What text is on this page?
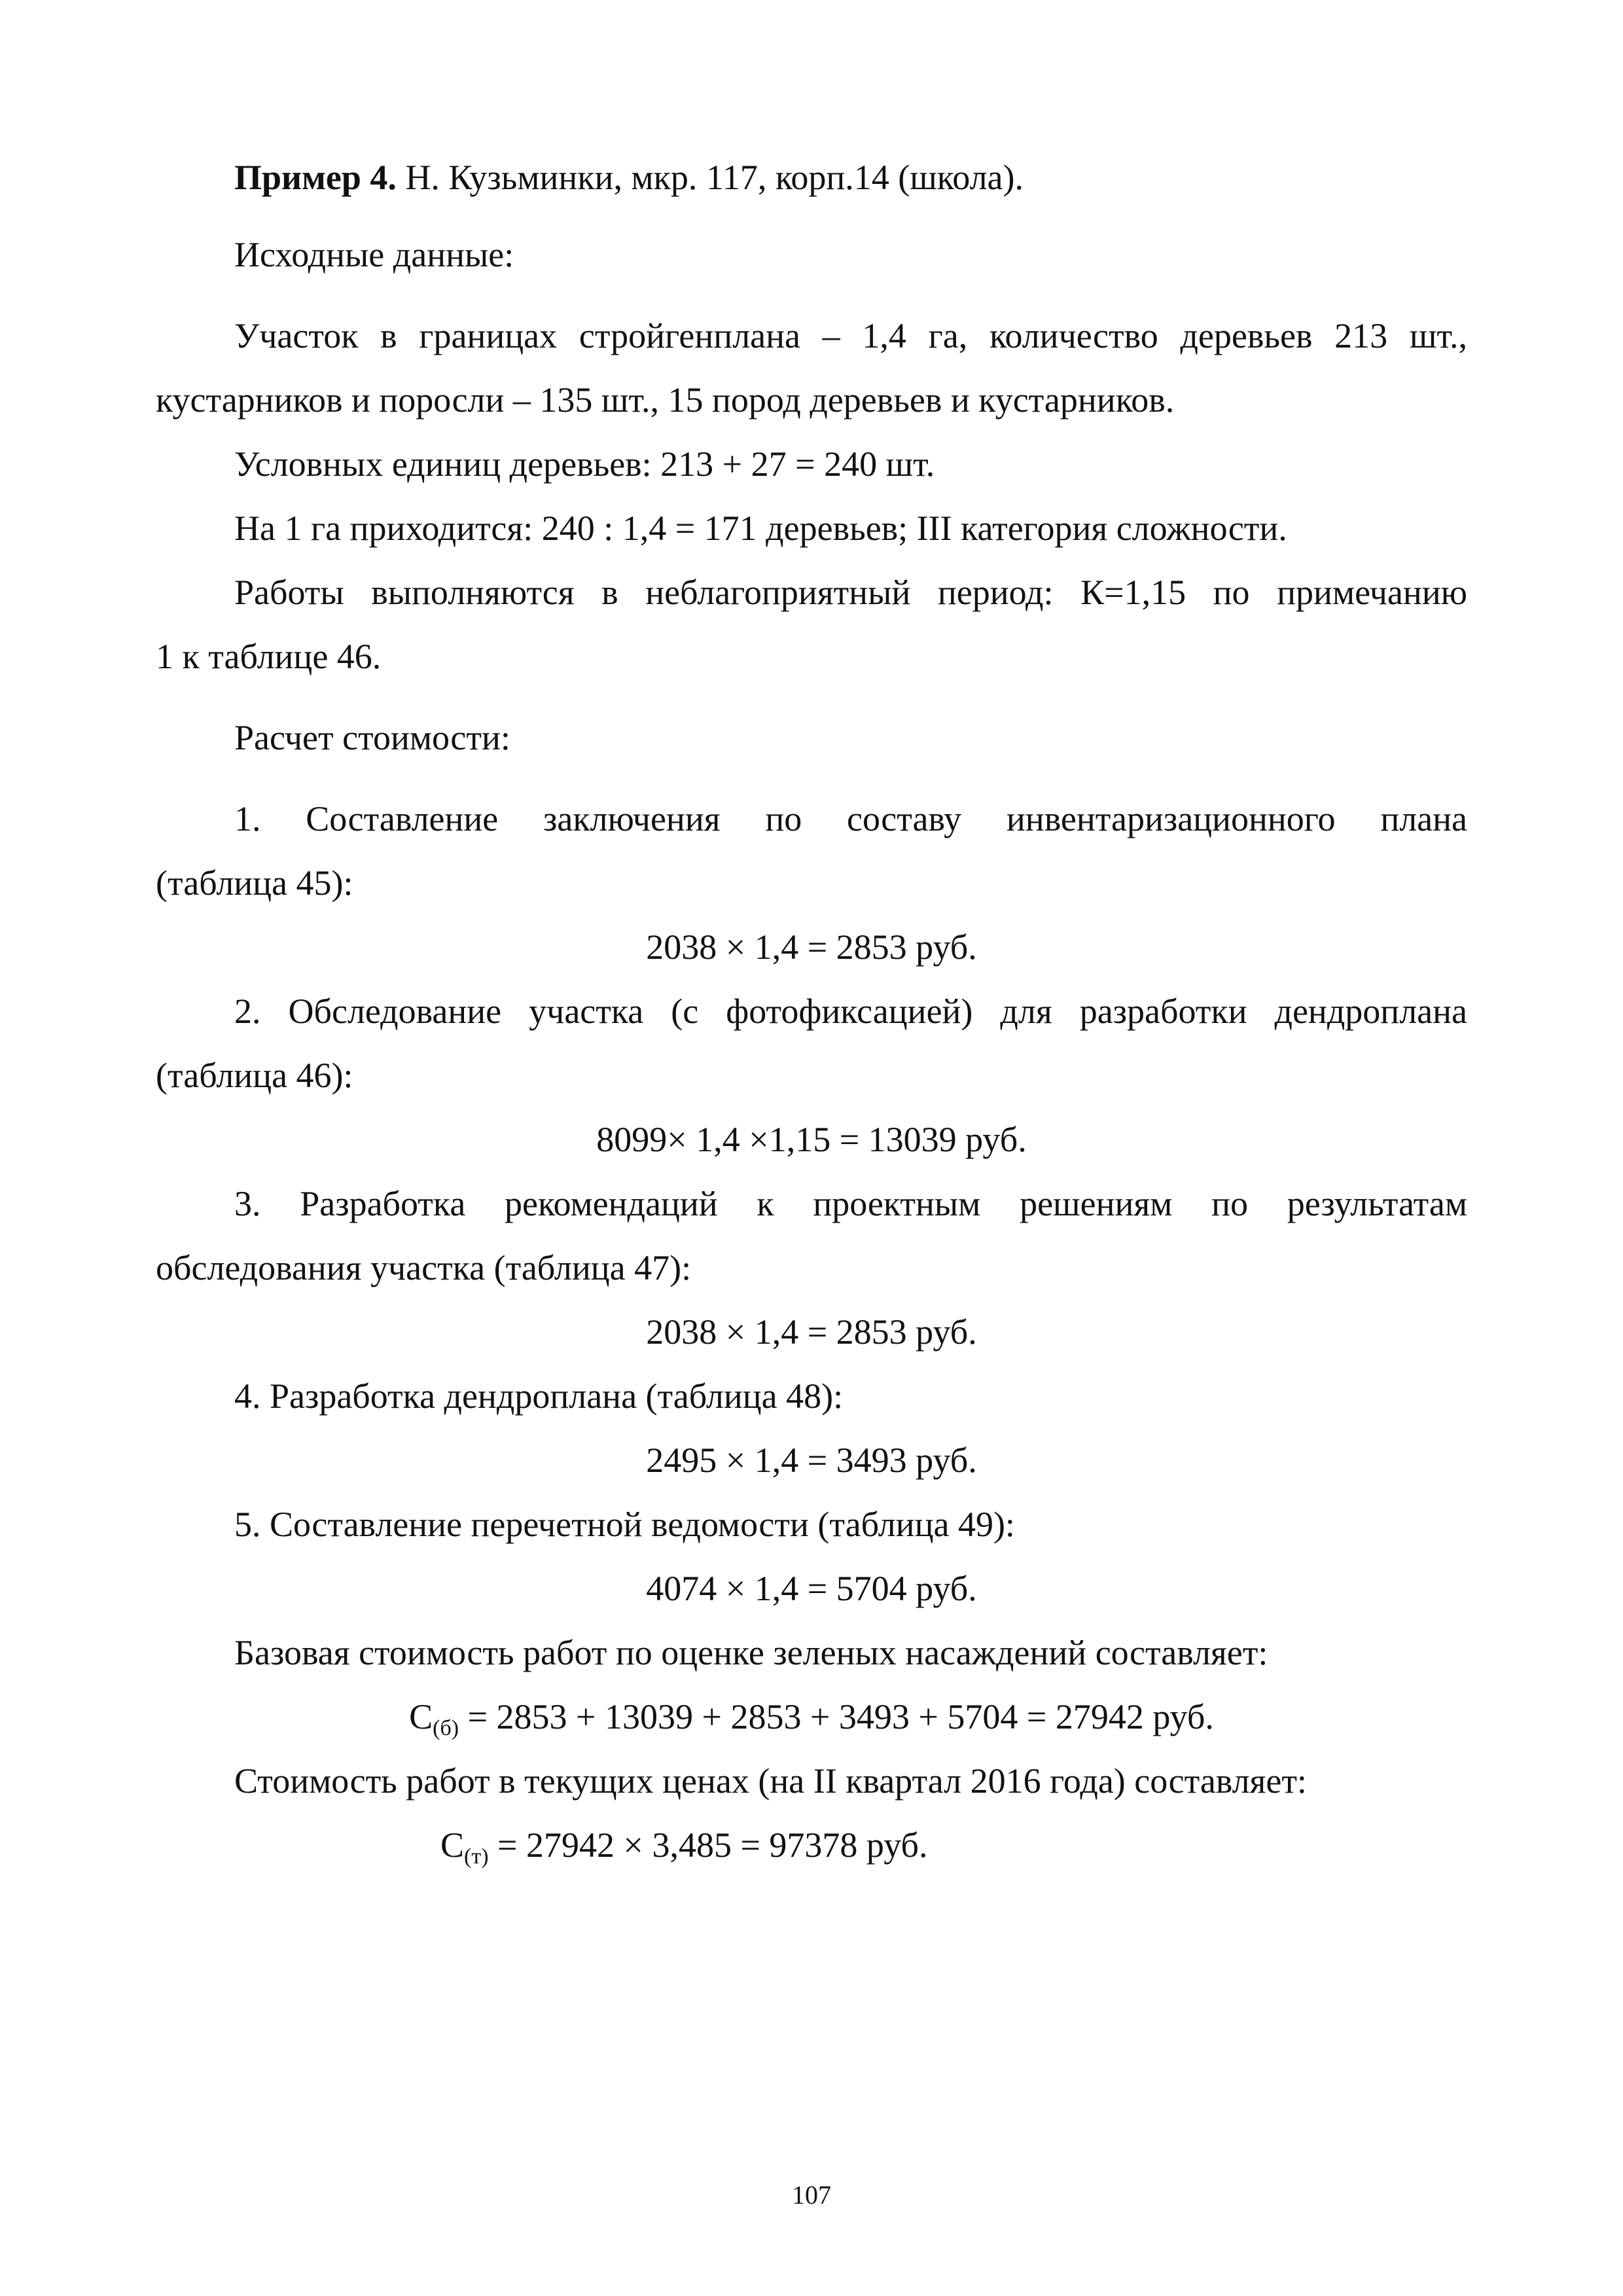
Пример 4. Н. Кузьминки, мкр. 117, корп.14 (школа).
Исходные данные:
Участок в границах стройгенплана – 1,4 га, количество деревьев 213 шт.,
кустарников и поросли – 135 шт., 15 пород деревьев и кустарников.
Условных единиц деревьев: 213 + 27 = 240 шт.
На 1 га приходится: 240 : 1,4 = 171 деревьев; III категория сложности.
Работы выполняются в неблагоприятный период: К=1,15 по примечанию
1 к таблице 46.
Расчет стоимости:
1. Составление заключения по составу инвентаризационного плана
(таблица 45):
2038 × 1,4 = 2853 руб.
2. Обследование участка (с фотофиксацией) для разработки дендроплана
(таблица 46):
8099× 1,4 ×1,15 = 13039 руб.
3. Разработка рекомендаций к проектным решениям по результатам
обследования участка (таблица 47):
2038 × 1,4 = 2853 руб.
4. Разработка дендроплана (таблица 48):
2495 × 1,4 = 3493 руб.
5. Составление перечетной ведомости (таблица 49):
4074 × 1,4 = 5704 руб.
Базовая стоимость работ по оценке зеленых насаждений составляет:
$С_{(б)} = 2853 + 13039 + 2853 + 3493 + 5704 = 27942$ руб.
Стоимость работ в текущих ценах (на II квартал 2016 года) составляет:
$С_{(т)} = 27942 \times 3,485 = 97378$ руб.
107
